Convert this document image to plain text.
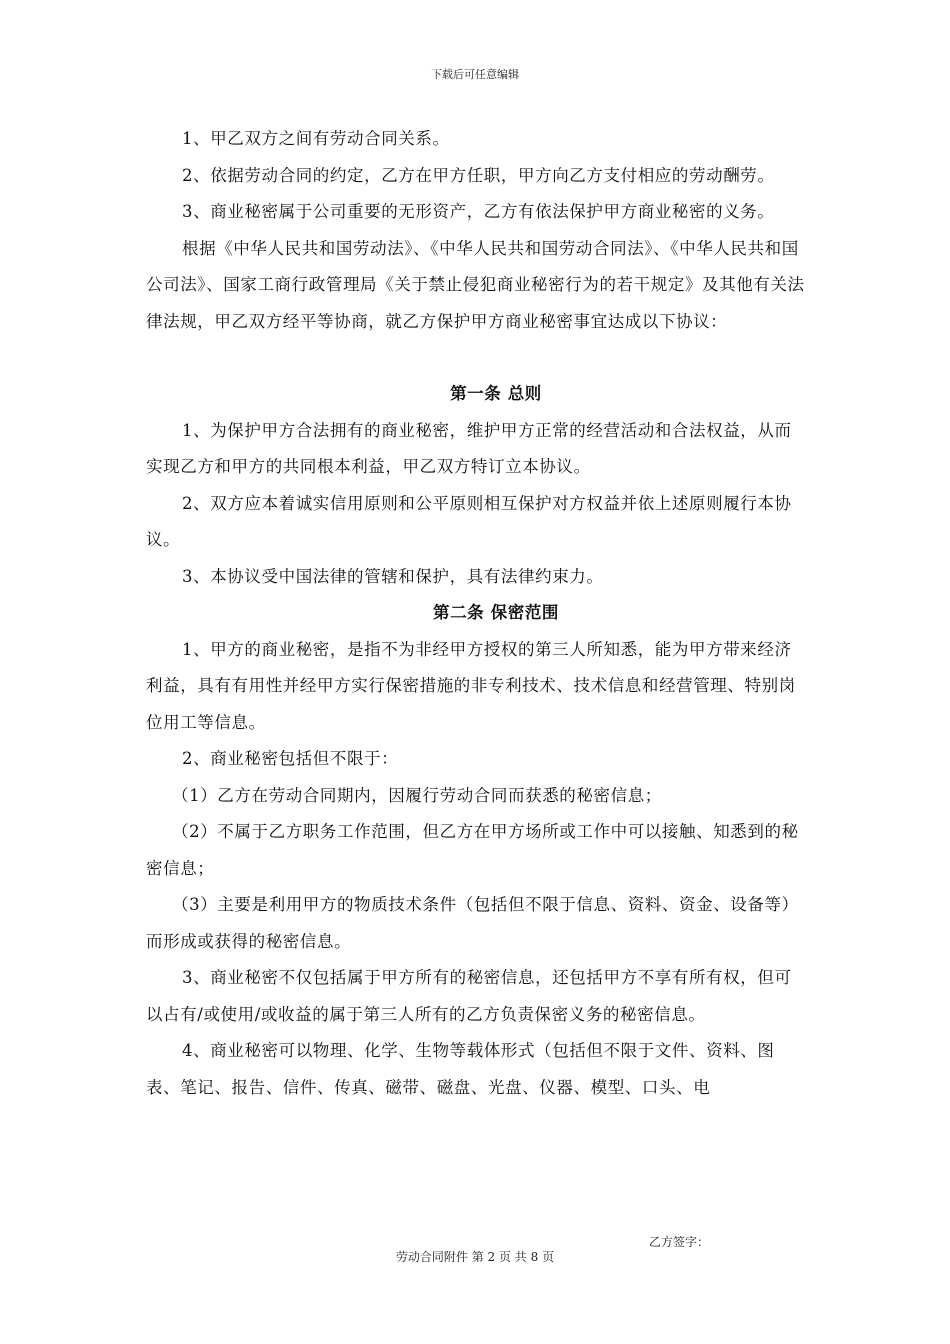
下载后可任意编辑

1、甲乙双方之间有劳动合同关系。

2、依据劳动合同的约定，乙方在甲方任职，甲方向乙方支付相应的劳动酬劳。

3、商业秘密属于公司重要的无形资产，乙方有依法保护甲方商业秘密的义务。

根据《中华人民共和国劳动法》、《中华人民共和国劳动合同法》、《中华人民共和国公司法》、国家工商行政管理局《关于禁止侵犯商业秘密行为的若干规定》及其他有关法律法规，甲乙双方经平等协商，就乙方保护甲方商业秘密事宜达成以下协议：

第一条 总则

1、为保护甲方合法拥有的商业秘密，维护甲方正常的经营活动和合法权益，从而实现乙方和甲方的共同根本利益，甲乙双方特订立本协议。

2、双方应本着诚实信用原则和公平原则相互保护对方权益并依上述原则履行本协议。

3、本协议受中国法律的管辖和保护，具有法律约束力。

第二条 保密范围

1、甲方的商业秘密，是指不为非经甲方授权的第三人所知悉，能为甲方带来经济利益，具有有用性并经甲方实行保密措施的非专利技术、技术信息和经营管理、特别岗位用工等信息。

2、商业秘密包括但不限于：

（1）乙方在劳动合同期内，因履行劳动合同而获悉的秘密信息；

（2）不属于乙方职务工作范围，但乙方在甲方场所或工作中可以接触、知悉到的秘密信息；

（3）主要是利用甲方的物质技术条件（包括但不限于信息、资料、资金、设备等）而形成或获得的秘密信息。

3、商业秘密不仅包括属于甲方所有的秘密信息，还包括甲方不享有所有权，但可以占有/或使用/或收益的属于第三人所有的乙方负责保密义务的秘密信息。

4、商业秘密可以物理、化学、生物等载体形式（包括但不限于文件、资料、图表、笔记、报告、信件、传真、磁带、磁盘、光盘、仪器、模型、口头、电

乙方签字：
劳动合同附件 第 2 页 共 8 页
